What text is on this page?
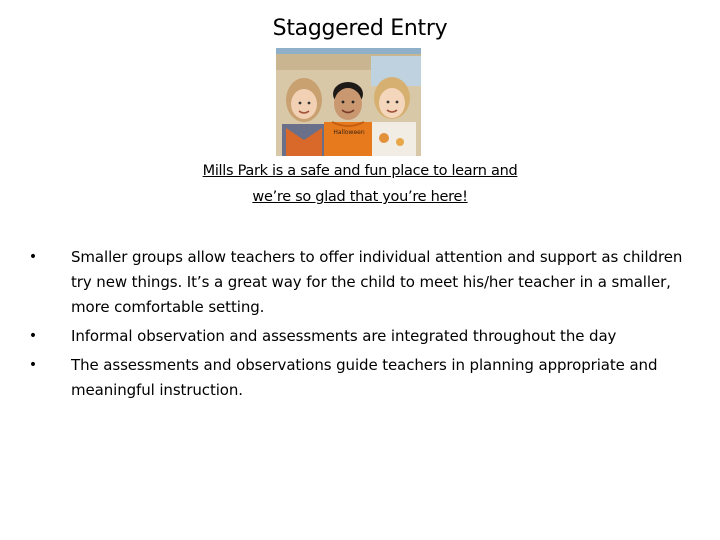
Staggered Entry
Halloween
Mills Park is a safe and fun place to learn and
we’re so glad that you’re here!
• Smaller groups allow teachers to offer individual attention and support as children try new things. It’s a great way for the child to meet his/her teacher in a smaller, more comfortable setting.
• Informal observation and assessments are integrated throughout the day
• The assessments and observations guide teachers in planning appropriate and meaningful instruction.
